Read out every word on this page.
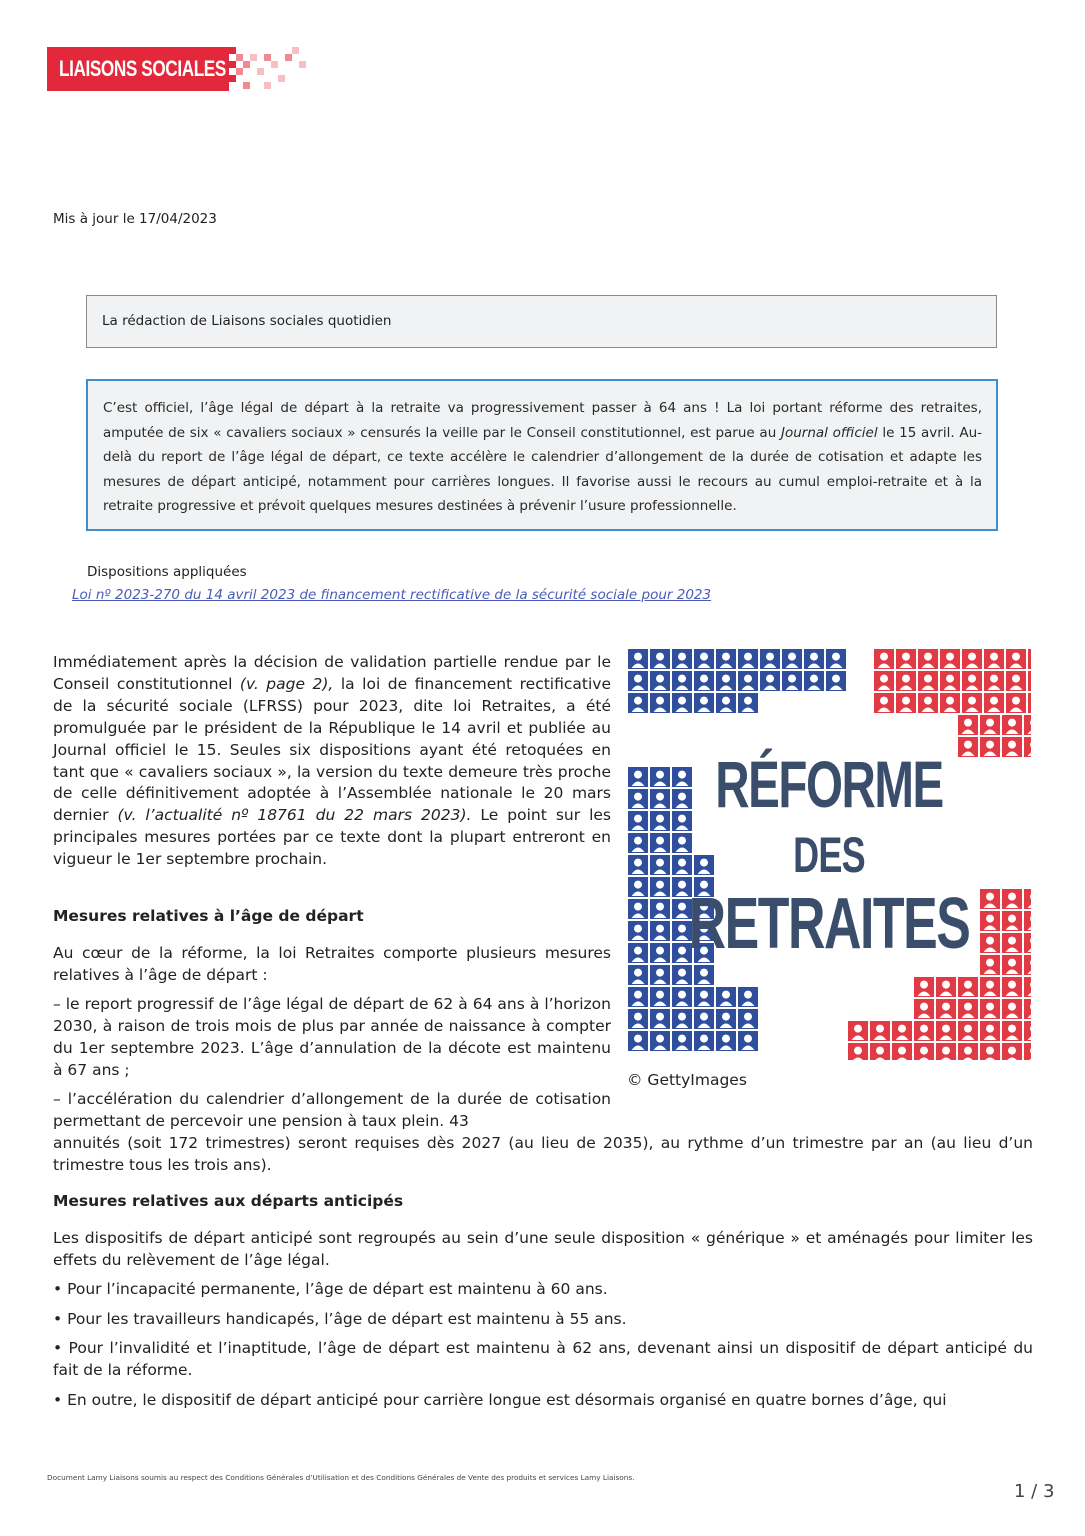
LIAISONS SOCIALES
Mis à jour le 17/04/2023
La rédaction de Liaisons sociales quotidien

C’est officiel, l’âge légal de départ à la retraite va progressivement passer à 64 ans ! La loi portant réforme des retraites, amputée de six « cavaliers sociaux » censurés la veille par le Conseil constitutionnel, est parue au Journal officiel le 15 avril. Au-delà du report de l’âge légal de départ, ce texte accélère le calendrier d’allongement de la durée de cotisation et adapte les mesures de départ anticipé, notamment pour carrières longues. Il favorise aussi le recours au cumul emploi-retraite et à la retraite progressive et prévoit quelques mesures destinées à prévenir l’usure professionnelle.

Dispositions appliquées
Loi nº 2023-270 du 14 avril 2023 de financement rectificative de la sécurité sociale pour 2023

Immédiatement après la décision de validation partielle rendue par le Conseil constitutionnel (v. page 2), la loi de financement rectificative de la sécurité sociale (LFRSS) pour 2023, dite loi Retraites, a été promulguée par le président de la République le 14 avril et publiée au Journal officiel le 15. Seules six dispositions ayant été retoquées en tant que « cavaliers sociaux », la version du texte demeure très proche de celle définitivement adoptée à l’Assemblée nationale le 20 mars dernier (v. l’actualité nº 18761 du 22 mars 2023). Le point sur les principales mesures portées par ce texte dont la plupart entreront en vigueur le 1er septembre prochain.

Mesures relatives à l’âge de départ
Au cœur de la réforme, la loi Retraites comporte plusieurs mesures relatives à l’âge de départ :
– le report progressif de l’âge légal de départ de 62 à 64 ans à l’horizon 2030, à raison de trois mois de plus par année de naissance à compter du 1er septembre 2023. L’âge d’annulation de la décote est maintenu à 67 ans ;
– l’accélération du calendrier d’allongement de la durée de cotisation permettant de percevoir une pension à taux plein. 43
annuités (soit 172 trimestres) seront requises dès 2027 (au lieu de 2035), au rythme d’un trimestre par an (au lieu d’un trimestre tous les trois ans).
Mesures relatives aux départs anticipés
Les dispositifs de départ anticipé sont regroupés au sein d’une seule disposition « générique » et aménagés pour limiter les effets du relèvement de l’âge légal.
• Pour l’incapacité permanente, l’âge de départ est maintenu à 60 ans.
• Pour les travailleurs handicapés, l’âge de départ est maintenu à 55 ans.
• Pour l’invalidité et l’inaptitude, l’âge de départ est maintenu à 62 ans, devenant ainsi un dispositif de départ anticipé du fait de la réforme.
• En outre, le dispositif de départ anticipé pour carrière longue est désormais organisé en quatre bornes d’âge, qui
RÉFORME
DES
RETRAITES
© GettyImages
Document Lamy Liaisons soumis au respect des Conditions Générales d’Utilisation et des Conditions Générales de Vente des produits et services Lamy Liaisons.
1 / 3
